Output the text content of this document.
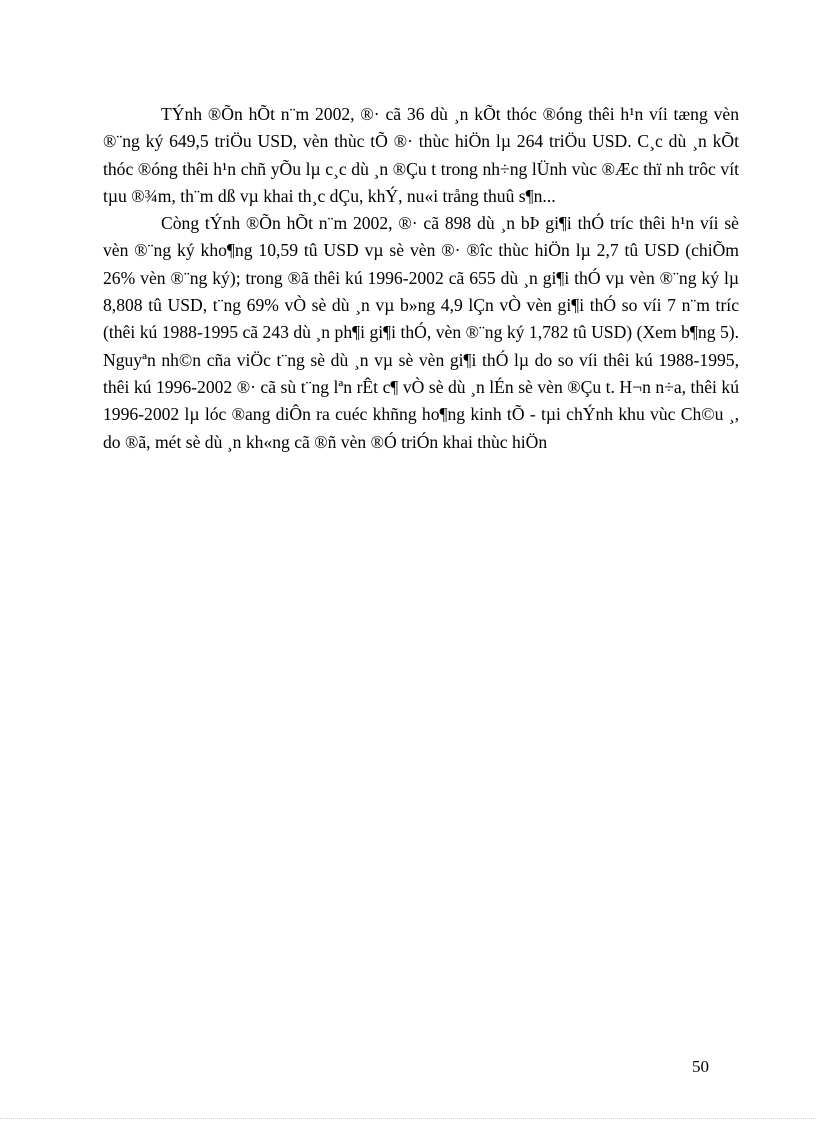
TÝnh ®Õn hÕt n¨m 2002, ®· cã 36 dù ¸n kÕt thóc ®óng thêi h¹n víi tæng vèn ®¨ng ký 649,5 triÖu USD, vèn thùc tÕ ®· thùc hiÖn lµ 264 triÖu USD. C¸c dù ¸n kÕt thóc ®óng thêi h¹n chñ yÕu lµ c¸c dù ¸n ®Çu t trong nh÷ng lÜnh vùc ®Æc thï nh trôc vít tµu ®¾m, th¨m dß vµ khai th¸c dÇu, khÝ, nu«i trång thuû s¶n...

Còng tÝnh ®Õn hÕt n¨m 2002, ®· cã 898 dù ¸n bÞ gi¶i thÓ tríc thêi h¹n víi sè vèn ®¨ng ký kho¶ng 10,59 tû USD vµ sè vèn ®· ®îc thùc hiÖn lµ 2,7 tû USD (chiÕm 26% vèn ®¨ng ký); trong ®ã thêi kú 1996-2002 cã 655 dù ¸n gi¶i thÓ vµ vèn ®¨ng ký lµ 8,808 tû USD, t¨ng 69% vÒ sè dù ¸n vµ b»ng 4,9 lÇn vÒ vèn gi¶i thÓ so víi 7 n¨m tríc (thêi kú 1988-1995 cã 243 dù ¸n ph¶i gi¶i thÓ, vèn ®¨ng ký 1,782 tû USD) (Xem b¶ng 5). Nguyªn nh©n cña viÖc t¨ng sè dù ¸n vµ sè vèn gi¶i thÓ lµ do so víi thêi kú 1988-1995, thêi kú 1996-2002 ®· cã sù t¨ng lªn rÊt c¶ vÒ sè dù ¸n lÉn sè vèn ®Çu t. H¬n n÷a, thêi kú 1996-2002 lµ lóc ®ang diÔn ra cuéc khñng ho¶ng kinh tÕ - tµi chÝnh khu vùc Ch©u ¸, do ®ã, mét sè dù ¸n kh«ng cã ®ñ vèn ®Ó triÓn khai thùc hiÖn

50
